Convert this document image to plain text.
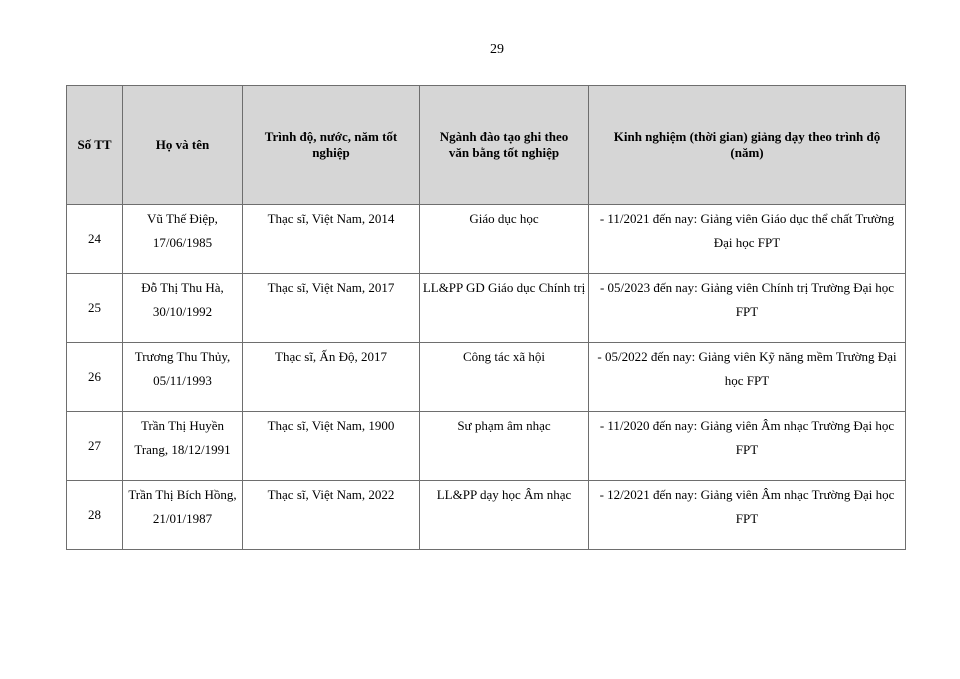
29
Số TT	Họ và tên	Trình độ, nước, năm tốt nghiệp	Ngành đào tạo ghi theo văn bằng tốt nghiệp	Kinh nghiệm (thời gian) giảng dạy theo trình độ (năm)
24	Vũ Thế Điệp, 17/06/1985	Thạc sĩ, Việt Nam, 2014	Giáo dục học	- 11/2021 đến nay: Giảng viên Giáo dục thể chất Trường Đại học FPT
25	Đỗ Thị Thu Hà, 30/10/1992	Thạc sĩ, Việt Nam, 2017	LL&PP GD Giáo dục Chính trị	- 05/2023 đến nay: Giảng viên Chính trị Trường Đại học FPT
26	Trương Thu Thủy, 05/11/1993	Thạc sĩ, Ấn Độ, 2017	Công tác xã hội	- 05/2022 đến nay: Giảng viên Kỹ năng mềm Trường Đại học FPT
27	Trần Thị Huyền Trang, 18/12/1991	Thạc sĩ, Việt Nam, 1900	Sư phạm âm nhạc	- 11/2020 đến nay: Giảng viên Âm nhạc Trường Đại học FPT
28	Trần Thị Bích Hồng, 21/01/1987	Thạc sĩ, Việt Nam, 2022	LL&PP dạy học Âm nhạc	- 12/2021 đến nay: Giảng viên Âm nhạc Trường Đại học FPT
